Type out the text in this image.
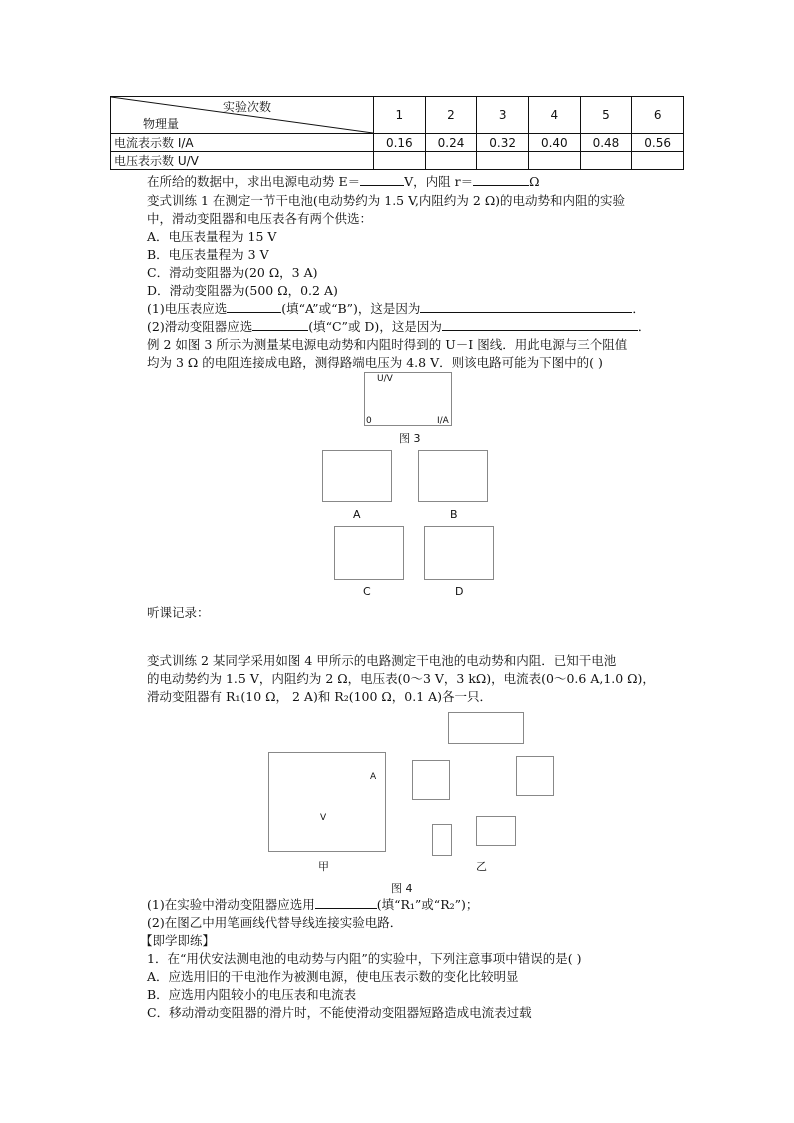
实验次数
物理量	1	2	3	4	5	6
电流表示数 I/A	0.16	0.24	0.32	0.40	0.48	0.56
电压表示数 U/V						
在所给的数据中，求出电源电动势 E＝	V，内阻 r＝	Ω
变式训练 1 在测定一节干电池(电动势约为 1.5 V,内阻约为 2 Ω)的电动势和内阻的实验
中，滑动变阻器和电压表各有两个供选：
A．电压表量程为 15 V
B．电压表量程为 3 V
C．滑动变阻器为(20 Ω，3 A)
D．滑动变阻器为(500 Ω，0.2 A)
(1)电压表应选	(填“A”或“B”)，这是因为	．
(2)滑动变阻器应选	(填“C”或 D)，这是因为	．
例 2 如图 3 所示为测量某电源电动势和内阻时得到的 U－I 图线．用此电源与三个阻值
均为 3 Ω 的电阻连接成电路，测得路端电压为 4.8 V．则该电路可能为下图中的( )
U/V
I/A
0
图 3
A	B
C	D
听课记录：
变式训练 2 某同学采用如图 4 甲所示的电路测定干电池的电动势和内阻．已知干电池
的电动势约为 1.5 V，内阻约为 2 Ω，电压表(0～3 V，3 kΩ)，电流表(0～0.6 A,1.0 Ω)，
滑动变阻器有 R₁(10 Ω， 2 A)和 R₂(100 Ω，0.1 A)各一只．
A
V
甲	乙
图 4
(1)在实验中滑动变阻器应选用	(填“R₁”或“R₂”)；
(2)在图乙中用笔画线代替导线连接实验电路．
【即学即练】
1．在“用伏安法测电池的电动势与内阻”的实验中，下列注意事项中错误的是( )
A．应选用旧的干电池作为被测电源，使电压表示数的变化比较明显
B．应选用内阻较小的电压表和电流表
C．移动滑动变阻器的滑片时，不能使滑动变阻器短路造成电流表过载
